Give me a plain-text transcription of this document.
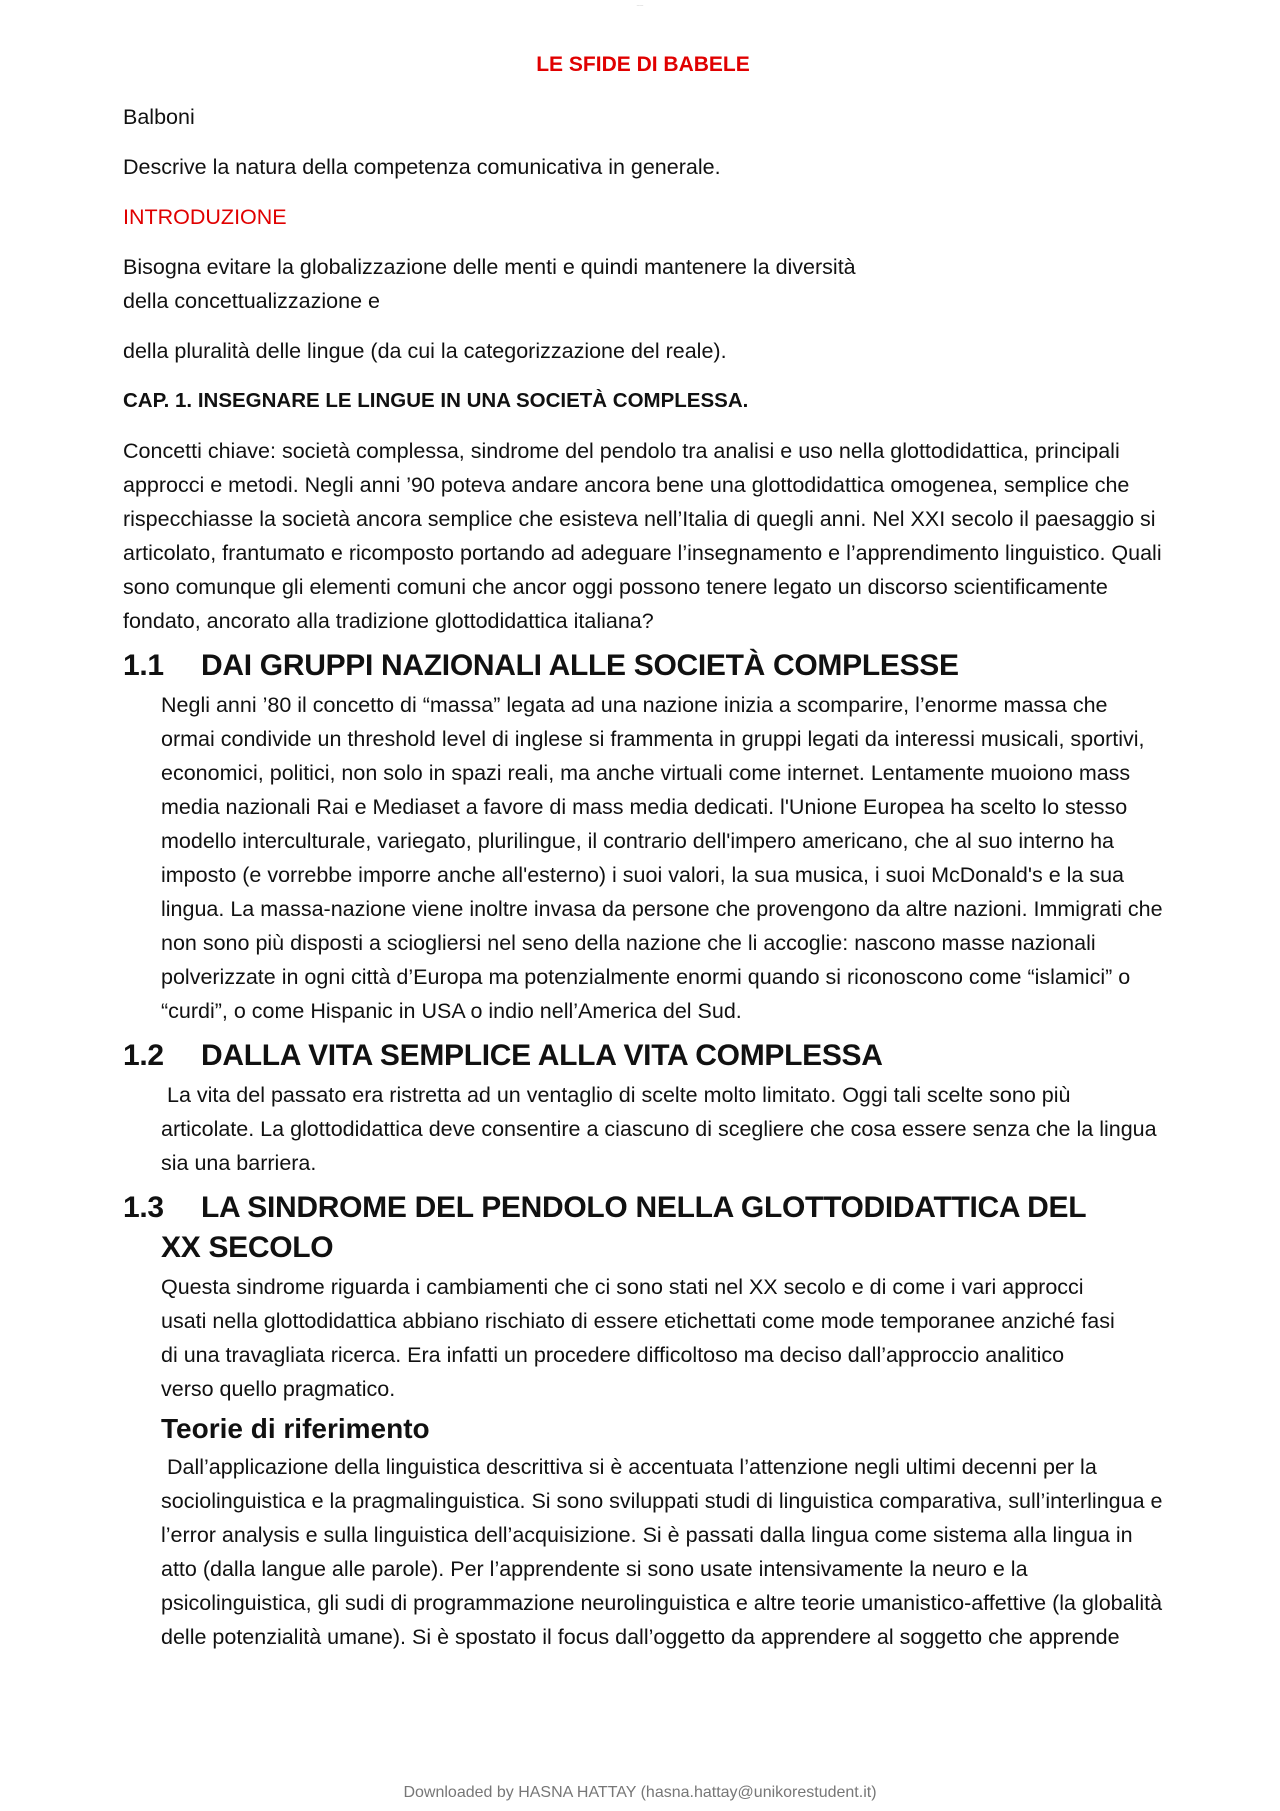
-----
LE SFIDE DI BABELE

Balboni

Descrive la natura della competenza comunicativa in generale.

INTRODUZIONE

Bisogna evitare la globalizzazione delle menti e quindi mantenere la diversità della concettualizzazione e

della pluralità delle lingue (da cui la categorizzazione del reale).

CAP. 1. INSEGNARE LE LINGUE IN UNA SOCIETÀ COMPLESSA.

Concetti chiave: società complessa, sindrome del pendolo tra analisi e uso nella glottodidattica, principali approcci e metodi. Negli anni ’90 poteva andare ancora bene una glottodidattica omogenea, semplice che rispecchiasse la società ancora semplice che esisteva nell’Italia di quegli anni. Nel XXI secolo il paesaggio si articolato, frantumato e ricomposto portando ad adeguare l’insegnamento e l’apprendimento linguistico. Quali sono comunque gli elementi comuni che ancor oggi possono tenere legato un discorso scientificamente fondato, ancorato alla tradizione glottodidattica italiana?

1.1	DAI GRUPPI NAZIONALI ALLE SOCIETÀ COMPLESSE

Negli anni ’80 il concetto di “massa” legata ad una nazione inizia a scomparire, l’enorme massa che ormai condivide un threshold level di inglese si frammenta in gruppi legati da interessi musicali, sportivi, economici, politici, non solo in spazi reali, ma anche virtuali come internet. Lentamente muoiono mass media nazionali Rai e Mediaset a favore di mass media dedicati. l'Unione Europea ha scelto lo stesso modello interculturale, variegato, plurilingue, il contrario dell'impero americano, che al suo interno ha imposto (e vorrebbe imporre anche all'esterno) i suoi valori, la sua musica, i suoi McDonald's e la sua lingua. La massa-nazione viene inoltre invasa da persone che provengono da altre nazioni. Immigrati che non sono più disposti a sciogliersi nel seno della nazione che li accoglie: nascono masse nazionali polverizzate in ogni città d’Europa ma potenzialmente enormi quando si riconoscono come “islamici” o “curdi”, o come Hispanic in USA o indio nell’America del Sud.

1.2	DALLA VITA SEMPLICE ALLA VITA COMPLESSA

La vita del passato era ristretta ad un ventaglio di scelte molto limitato. Oggi tali scelte sono più articolate. La glottodidattica deve consentire a ciascuno di scegliere che cosa essere senza che la lingua sia una barriera.

1.3 LA SINDROME DEL PENDOLO NELLA GLOTTODIDATTICA DEL XX SECOLO

Questa sindrome riguarda i cambiamenti che ci sono stati nel XX secolo e di come i vari approcci usati nella glottodidattica abbiano rischiato di essere etichettati come mode temporanee anziché fasi di una travagliata ricerca. Era infatti un procedere difficoltoso ma deciso dall’approccio analitico verso quello pragmatico.

Teorie di riferimento

Dall’applicazione della linguistica descrittiva si è accentuata l’attenzione negli ultimi decenni per la sociolinguistica e la pragmalinguistica. Si sono sviluppati studi di linguistica comparativa, sull’interlingua e l’error analysis e sulla linguistica dell’acquisizione. Si è passati dalla lingua come sistema alla lingua in atto (dalla langue alle parole). Per l’apprendente si sono usate intensivamente la neuro e la psicolinguistica, gli sudi di programmazione neurolinguistica e altre teorie umanistico-affettive (la globalità delle potenzialità umane). Si è spostato il focus dall’oggetto da apprendere al soggetto che apprende

Downloaded by HASNA HATTAY (hasna.hattay@unikorestudent.it)
